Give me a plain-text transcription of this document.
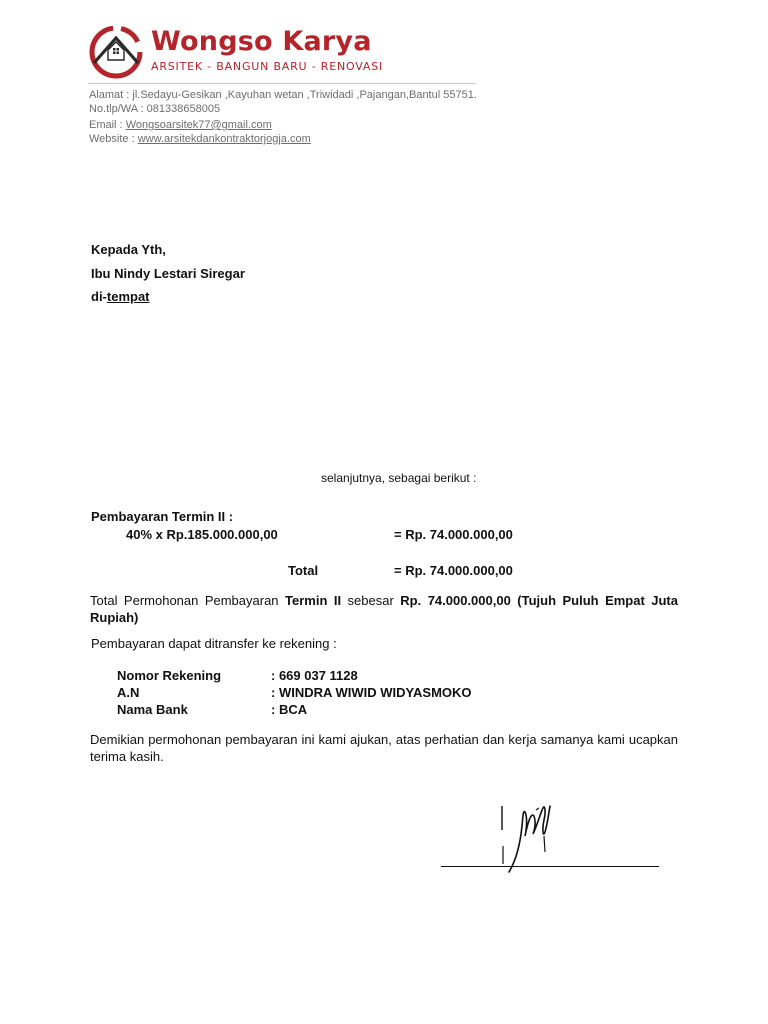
Wongso Karya
ARSITEK - BANGUN BARU - RENOVASI
Alamat : jl.Sedayu-Gesikan ,Kayuhan wetan ,Triwidadi ,Pajangan,Bantul 55751.
No.tlp/WA : 081338658005
Email : Wongsoarsitek77@gmail.com
Website : www.arsitekdankontraktorjogja.com
Kepada Yth,
Ibu Nindy Lestari Siregar
di-tempat
selanjutnya, sebagai berikut :
Pembayaran Termin II :
40% x Rp.185.000.000,00	= Rp. 74.000.000,00
Total	= Rp. 74.000.000,00
Total Permohonan Pembayaran Termin II sebesar Rp. 74.000.000,00 (Tujuh Puluh Empat Juta Rupiah)
Pembayaran dapat ditransfer ke rekening :
Nomor Rekening	: 669 037 1128
A.N	: WINDRA WIWID WIDYASMOKO
Nama Bank	: BCA
Demikian permohonan pembayaran ini kami ajukan, atas perhatian dan kerja samanya kami ucapkan terima kasih.
